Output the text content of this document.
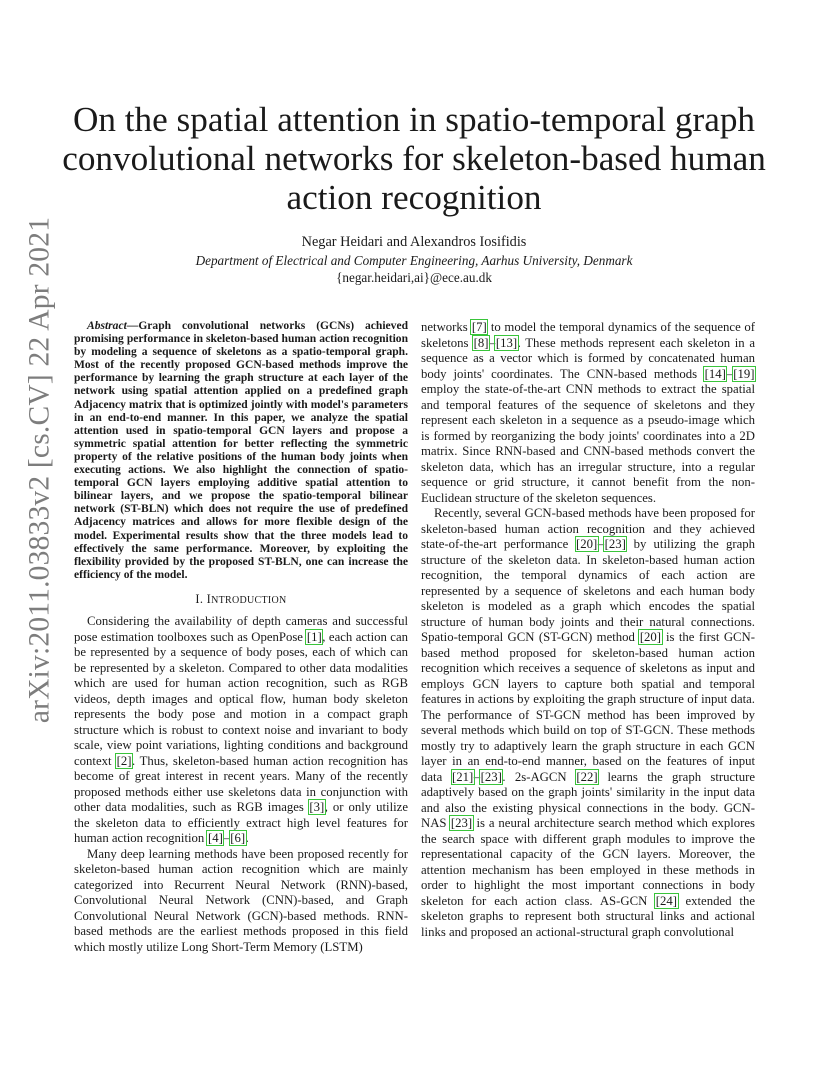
arXiv:2011.03833v2 [cs.CV] 22 Apr 2021
On the spatial attention in spatio-temporal graph
convolutional networks for skeleton-based human
action recognition
Negar Heidari and Alexandros Iosifidis
Department of Electrical and Computer Engineering, Aarhus University, Denmark
{negar.heidari,ai}@ece.au.dk

Abstract—Graph convolutional networks (GCNs) achieved promising performance in skeleton-based human action recognition by modeling a sequence of skeletons as a spatio-temporal graph. Most of the recently proposed GCN-based methods improve the performance by learning the graph structure at each layer of the network using spatial attention applied on a predefined graph Adjacency matrix that is optimized jointly with model's parameters in an end-to-end manner. In this paper, we analyze the spatial attention used in spatio-temporal GCN layers and propose a symmetric spatial attention for better reflecting the symmetric property of the relative positions of the human body joints when executing actions. We also highlight the connection of spatio-temporal GCN layers employing additive spatial attention to bilinear layers, and we propose the spatio-temporal bilinear network (ST-BLN) which does not require the use of predefined Adjacency matrices and allows for more flexible design of the model. Experimental results show that the three models lead to effectively the same performance. Moreover, by exploiting the flexibility provided by the proposed ST-BLN, one can increase the efficiency of the model.

I. INTRODUCTION

Considering the availability of depth cameras and successful pose estimation toolboxes such as OpenPose [1], each action can be represented by a sequence of body poses, each of which can be represented by a skeleton. Compared to other data modalities which are used for human action recognition, such as RGB videos, depth images and optical flow, human body skeleton represents the body pose and motion in a compact graph structure which is robust to context noise and invariant to body scale, view point variations, lighting conditions and background context [2]. Thus, skeleton-based human action recognition has become of great interest in recent years. Many of the recently proposed methods either use skeletons data in conjunction with other data modalities, such as RGB images [3], or only utilize the skeleton data to efficiently extract high level features for human action recognition [4]–[6].

Many deep learning methods have been proposed recently for skeleton-based human action recognition which are mainly categorized into Recurrent Neural Network (RNN)-based, Convolutional Neural Network (CNN)-based, and Graph Convolutional Neural Network (GCN)-based methods. RNN-based methods are the earliest methods proposed in this field which mostly utilize Long Short-Term Memory (LSTM)

networks [7] to model the temporal dynamics of the sequence of skeletons [8]–[13]. These methods represent each skeleton in a sequence as a vector which is formed by concatenated human body joints' coordinates. The CNN-based methods [14]–[19] employ the state-of-the-art CNN methods to extract the spatial and temporal features of the sequence of skeletons and they represent each skeleton in a sequence as a pseudo-image which is formed by reorganizing the body joints' coordinates into a 2D matrix. Since RNN-based and CNN-based methods convert the skeleton data, which has an irregular structure, into a regular sequence or grid structure, it cannot benefit from the non-Euclidean structure of the skeleton sequences.

Recently, several GCN-based methods have been proposed for skeleton-based human action recognition and they achieved state-of-the-art performance [20]–[23] by utilizing the graph structure of the skeleton data. In skeleton-based human action recognition, the temporal dynamics of each action are represented by a sequence of skeletons and each human body skeleton is modeled as a graph which encodes the spatial structure of human body joints and their natural connections. Spatio-temporal GCN (ST-GCN) method [20] is the first GCN-based method proposed for skeleton-based human action recognition which receives a sequence of skeletons as input and employs GCN layers to capture both spatial and temporal features in actions by exploiting the graph structure of input data. The performance of ST-GCN method has been improved by several methods which build on top of ST-GCN. These methods mostly try to adaptively learn the graph structure in each GCN layer in an end-to-end manner, based on the features of input data [21]–[23]. 2s-AGCN [22] learns the graph structure adaptively based on the graph joints' similarity in the input data and also the existing physical connections in the body. GCN-NAS [23] is a neural architecture search method which explores the search space with different graph modules to improve the representational capacity of the GCN layers. Moreover, the attention mechanism has been employed in these methods in order to highlight the most important connections in body skeleton for each action class. AS-GCN [24] extended the skeleton graphs to represent both structural links and actional links and proposed an actional-structural graph convolutional
